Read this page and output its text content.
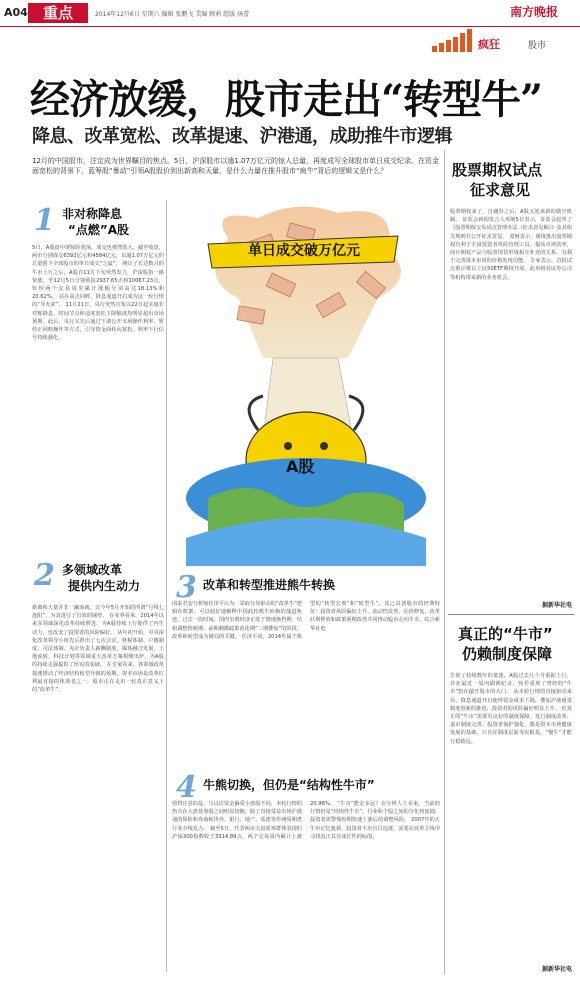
A04	重点	2014年12月6日 星期六 编辑 张鹏飞 美编 顾莉 组版 汤蕾	南方晚报
疯狂	股市
经济放缓，股市走出“转型牛”
降息、改革宽松、改革提速、沪港通，成助推牛市逻辑
12月的中国股市，注定成为世界瞩目的焦点。5日，沪深股市以逾1.07万亿元的惊人总量，再度成写全球股市单日成交纪录。在资金面宽松的背景下，蓝筹股“暴动”引领A股股价到出新高和天量，是什么力量在推升股市“疯牛”背后的逻辑又是什么？
1 非对称降息
“点燃”A股
5日，A股盘中现惊险震荡，成交也弹然放大，截至收盘，两市分别成交6392亿元和4584亿元，以逾1.07万亿元的总量创下全球股市的单日成交“之最”。 统计了长达数月的牛市上行之后，A股自11月下旬突然发力，沪深股指一路快涨，至12月5日分别收报2937.65点和10067.23点，短短两个交易周里累计涨幅分别高达18.13%和20.62%。 站在高点回眸，降息通道开启成为这一轮行情的“导火索”。 11月21日，央行突然宣布以22日起实施非对称降息，时间节点和适度宽松下降幅度均明显超出市场预期。此后，央行又先后通过下调公开市场操作利率、暂停正回购操作等方式，引导资金面转向宽松，利率下行信号持续强化。
2 多领域改革
提供内生动力
新离和天量并非一蹴而就，以今年5月开始的所谓“月线七连阳”，为其进行了有效的铺垫。 在业界看来，2014年以来多领域深化改革持续推进，为A股持续上行提供了内生动力，也改变了投资者的风险偏好。 从年初开始，中央深化改革领导小组先后推出了七次会议，财税体制、户籍制度、司法体制、央企负责人薪酬制度、媒体融合发展、土地流转、科技计划等领域重大改革方案相继出炉，为A股的持续走强提供了厚实的基础。 在专家看来，各领域改革提速推动了经济结构转型升级的预期，资本市场是改革红利最直接的体现者之一，股市正在走出一轮真正意义上的“改革牛”。
单日成交破万亿元
A股
3 改革和转型推进熊牛转换
国泰君安分析师任泽平认为，采取分母驱动的“改革牛”逻辑在框架，可以较好地解释中国此轮熊牛转换的演进轨迹。过去一段时间，国内宏观经济正处于增速换挡期、结构调整阵痛期、前期刺激政策消化期“三期叠加”的阶段，改革和转型成为破局的关键。 任泽平说，2014年属于典型的“转型宏观”和“转型牛”，其已具备股市的经典特征：投资者风险偏好上升、流动性改善、估值修复，改革红利释放和政策预期改善共同推动股市走向牛市。综合新华社电
4 牛熊切换，但仍是“结构性牛市”
值得注意的是，与以往资金偏爱小盘股不同，本轮行情的热点在大盘蓝筹股之间明显切换，除了直接受益市场沪港通的保险和券商板块外，银行、地产、基建等传统周期类行业全线发力。 截至5日，代表两市大盘蓝筹群体表现的沪深300指数收于3314.89点，两个交易周内累计上涨20.96%。 “牛市”能走多远？在分析人士看来，当前的行情仍是“结构性牛市”，行业和个股之间的分化将加剧，投资者需警惕短期快速上涨后的调整风险。 2007年的大牛市记忆犹新，投资者不应盲目追涨，需要在改革主线中寻找真正具有成长性的标的。
股票期权试点
征求意见
股票期权来了，自融券之后，A股又迎来新的做空机制。 证监会新闻发言人邓舸5日表示，证监会起草了《股票期权交易试点管理办法（征求意见稿）》及其相关规则并公开征求意见。 邓舸表示，谨慎推出股票期权有利于丰富投资者风险管理工具，提高市场效率，而且期权产品与股票现货形成相互补充的关系，有利于完善资本市场的价格发现功能。 专家表示，首批试点预计将以上证50ETF期权开展，此举将对证券公司等机构带来新的业务机会。
据新华社电
真正的“牛市”
仍赖制度保障
告别了持续数年的低迷，A股过去几个月重振上行，并在最近一周内刷新纪录，宛若重现了曾经的“牛市”仍在敲开股市的大门。 从本轮行情的直接驱动来看，降息通道开启使得资金成本下降，叠加沪港通等制度创新的推进，投资者的风险偏好明显上升。 但真正的“牛市”需要有良好的制度保障。发行制度改革、退市制度完善、投资者保护强化，都是资本市场健康发展的基础，只有在制度层面夯实根基，“慢牛”才能行稳致远。
据新华社电
